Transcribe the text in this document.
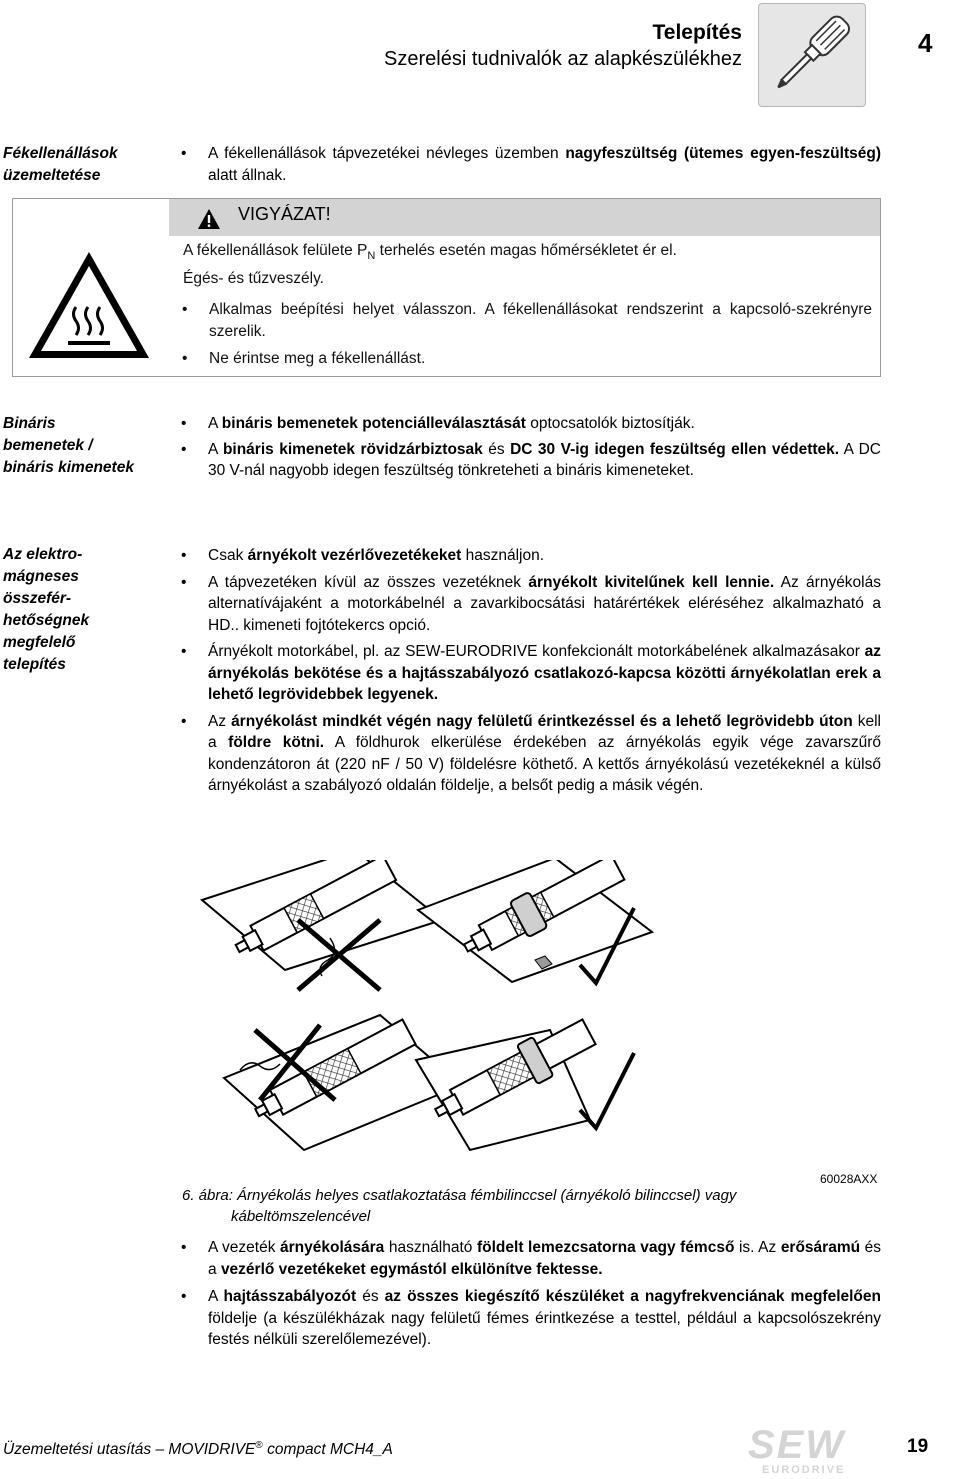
Telepítés
Szerelési tudnivalók az alapkészülékhez
4
Fékellenállások
üzemeltetése
• A fékellenállások tápvezetékei névleges üzemben nagyfeszültség (ütemes egyen-feszültség) alatt állnak.
VIGYÁZAT!
A fékellenállások felülete $P_N$ terhelés esetén magas hőmérsékletet ér el.
Égés- és tűzveszély.
• Alkalmas beépítési helyet válasszon. A fékellenállásokat rendszerint a kapcsoló-szekrényre szerelik.
• Ne érintse meg a fékellenállást.
Bináris
bemenetek /
bináris kimenetek
• A bináris bemenetek potenciálleválasztását optocsatolók biztosítják.
• A bináris kimenetek rövidzárbiztosak és DC 30 V-ig idegen feszültség ellen védettek. A DC 30 V-nál nagyobb idegen feszültség tönkreteheti a bináris kimeneteket.
Az elektro-
mágneses
összefér-
hetőségnek
megfelelő
telepítés
• Csak árnyékolt vezérlővezetékeket használjon.
• A tápvezetéken kívül az összes vezetéknek árnyékolt kivitelűnek kell lennie. Az árnyékolás alternatívájaként a motorkábelnél a zavarkibocsátási határértékek eléréséhez alkalmazható a HD.. kimeneti fojtótekercs opció.
• Árnyékolt motorkábel, pl. az SEW-EURODRIVE konfekcionált motorkábelének alkalmazásakor az árnyékolás bekötése és a hajtásszabályozó csatlakozó-kapcsa közötti árnyékolatlan erek a lehető legrövidebbek legyenek.
• Az árnyékolást mindkét végén nagy felületű érintkezéssel és a lehető legrövidebb úton kell a földre kötni. A földhurok elkerülése érdekében az árnyékolás egyik vége zavarszűrő kondenzátoron át (220 nF / 50 V) földelésre köthető. A kettős árnyékolású vezetékeknél a külső árnyékolást a szabályozó oldalán földelje, a belsőt pedig a másik végén.
60028AXX
6. ábra: Árnyékolás helyes csatlakoztatása fémbilinccsel (árnyékoló bilinccsel) vagy
kábeltömszelencével
• A vezeték árnyékolására használható földelt lemezcsatorna vagy fémcső is. Az erősáramú és a vezérlő vezetékeket egymástól elkülönítve fektesse.
• A hajtásszabályozót és az összes kiegészítő készüléket a nagyfrekvenciának megfelelően földelje (a készülékházak nagy felületű fémes érintkezése a testtel, például a kapcsolószekrény festés nélküli szerelőlemezével).
Üzemeltetési utasítás – MOVIDRIVE® compact MCH4_A	SEW
EURODRIVE
19
